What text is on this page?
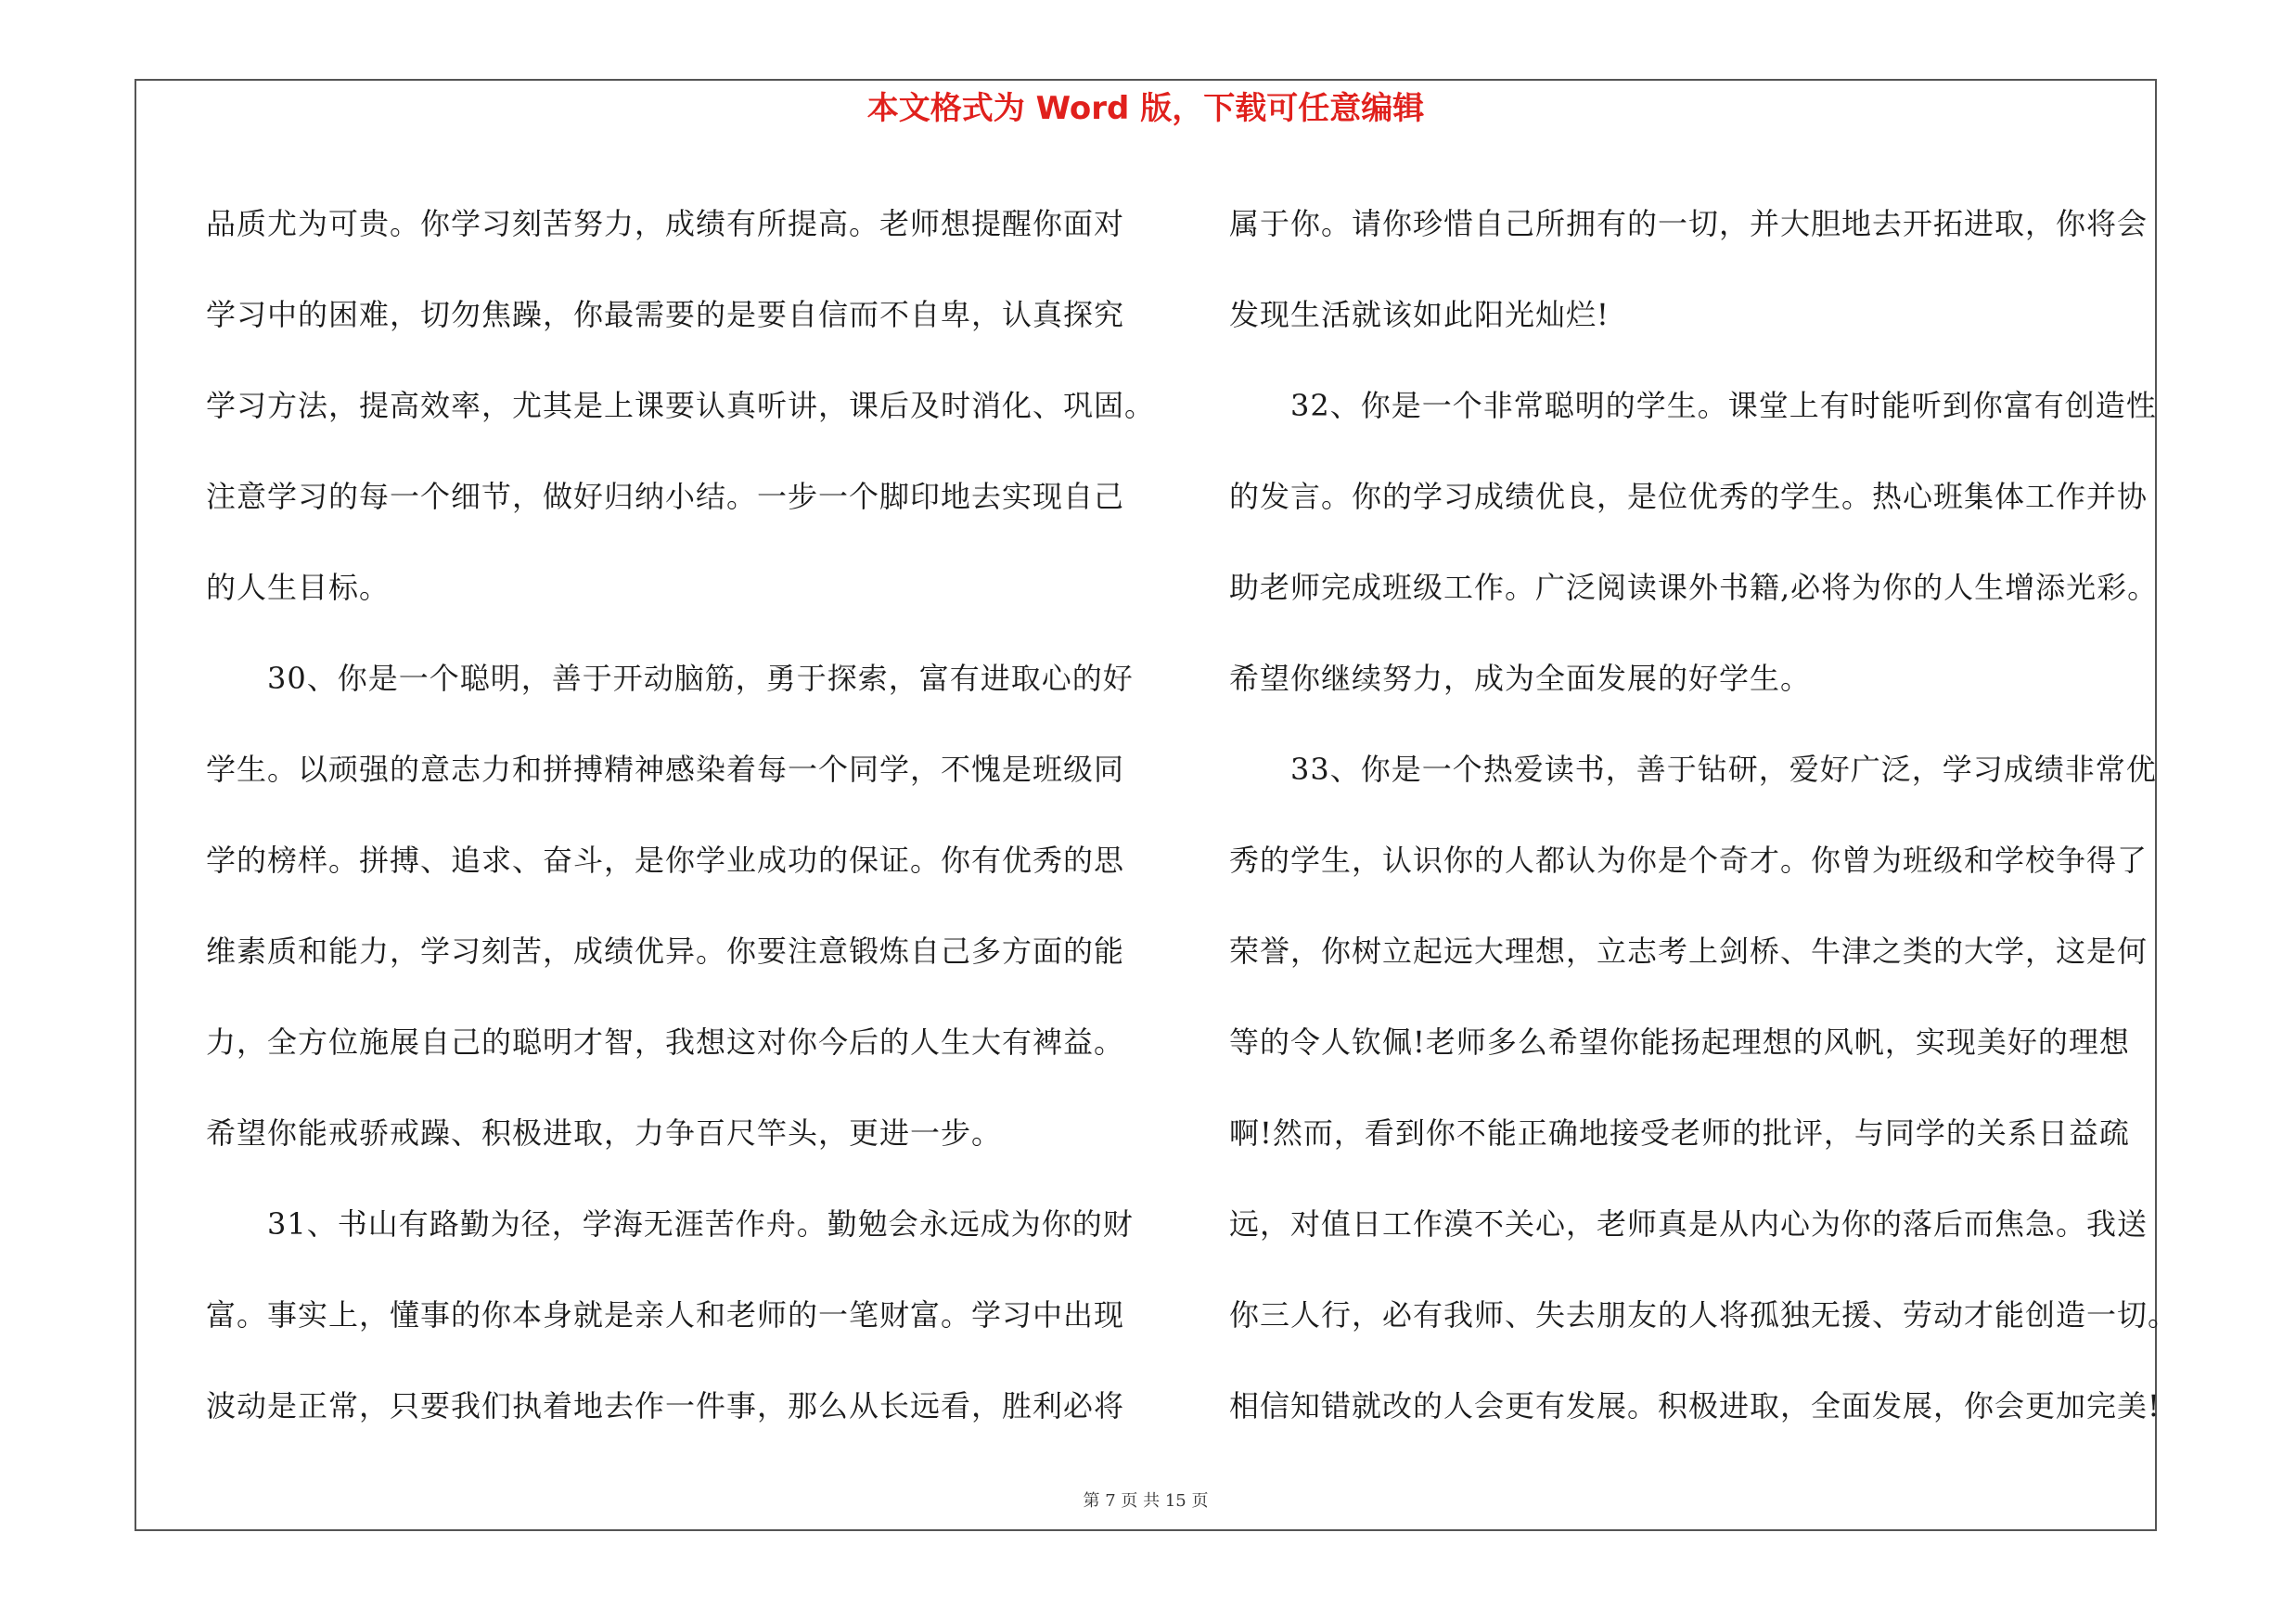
本文格式为 Word 版，下载可任意编辑
品质尤为可贵。你学习刻苦努力，成绩有所提高。老师想提醒你面对
学习中的困难，切勿焦躁，你最需要的是要自信而不自卑，认真探究
学习方法，提高效率，尤其是上课要认真听讲，课后及时消化、巩固。
注意学习的每一个细节，做好归纳小结。一步一个脚印地去实现自己
的人生目标。
　　30、你是一个聪明，善于开动脑筋，勇于探索，富有进取心的好
学生。以顽强的意志力和拼搏精神感染着每一个同学，不愧是班级同
学的榜样。拼搏、追求、奋斗，是你学业成功的保证。你有优秀的思
维素质和能力，学习刻苦，成绩优异。你要注意锻炼自己多方面的能
力，全方位施展自己的聪明才智，我想这对你今后的人生大有裨益。
希望你能戒骄戒躁、积极进取，力争百尺竿头，更进一步。
　　31、书山有路勤为径，学海无涯苦作舟。勤勉会永远成为你的财
富。事实上，懂事的你本身就是亲人和老师的一笔财富。学习中出现
波动是正常，只要我们执着地去作一件事，那么从长远看，胜利必将
属于你。请你珍惜自己所拥有的一切，并大胆地去开拓进取，你将会
发现生活就该如此阳光灿烂!
　　32、你是一个非常聪明的学生。课堂上有时能听到你富有创造性
的发言。你的学习成绩优良，是位优秀的学生。热心班集体工作并协
助老师完成班级工作。广泛阅读课外书籍,必将为你的人生增添光彩。
希望你继续努力，成为全面发展的好学生。
　　33、你是一个热爱读书，善于钻研，爱好广泛，学习成绩非常优
秀的学生，认识你的人都认为你是个奇才。你曾为班级和学校争得了
荣誉，你树立起远大理想，立志考上剑桥、牛津之类的大学，这是何
等的令人钦佩!老师多么希望你能扬起理想的风帆，实现美好的理想
啊!然而，看到你不能正确地接受老师的批评，与同学的关系日益疏
远，对值日工作漠不关心，老师真是从内心为你的落后而焦急。我送
你三人行，必有我师、失去朋友的人将孤独无援、劳动才能创造一切。
相信知错就改的人会更有发展。积极进取，全面发展，你会更加完美!
第 7 页 共 15 页
